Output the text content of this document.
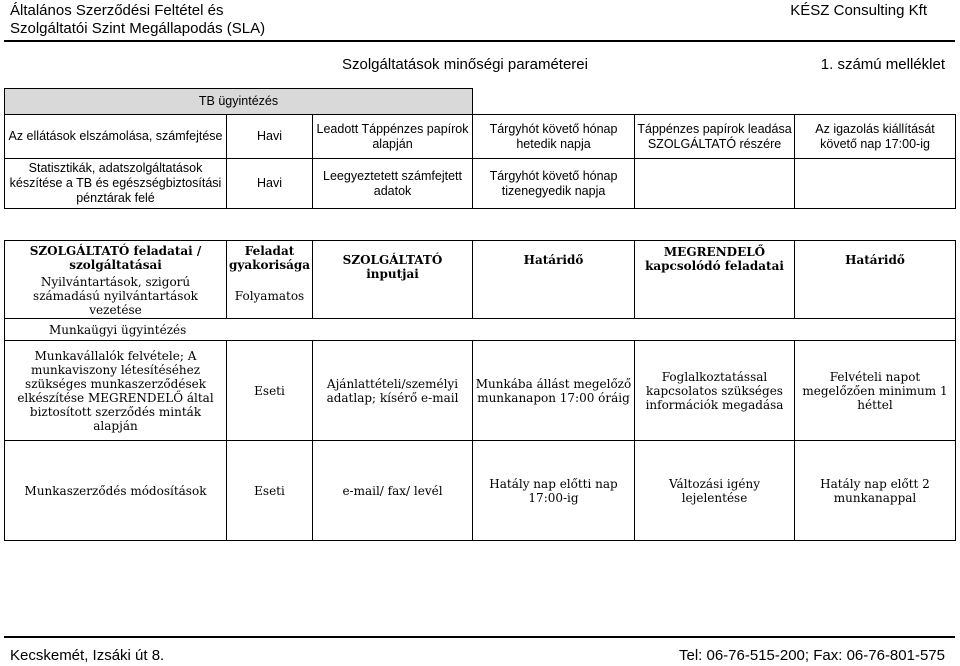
Általános Szerződési Feltétel és
Szolgáltatói Szint Megállapodás (SLA)
KÉSZ Consulting Kft
Szolgáltatások minőségi paraméterei	1. számú melléklet
TB ügyintézés					
Az ellátások elszámolása, számfejtése	Havi	Leadott Táppénzes papírok alapján	Tárgyhót követő hónap hetedik napja	Táppénzes papírok leadása SZOLGÁLTATÓ részére	Az igazolás kiállítását követő nap 17:00-ig
Statisztikák, adatszolgáltatások készítése a TB és egészségbiztosítási pénztárak felé	Havi	Leegyeztetett számfejtett adatok	Tárgyhót követő hónap tizenegyedik napja		
SZOLGÁLTATÓ feladatai / szolgáltatásai	Feladat gyakorisága	SZOLGÁLTATÓ inputjai	Határidő	MEGRENDELŐ kapcsolódó feladatai	Határidő
Nyilvántartások, szigorú számadású nyilvántartások vezetése	Folyamatos				
Munkaügyi ügyintézés					
Munkavállalók felvétele; A munkaviszony létesítéséhez szükséges munkaszerződések elkészítése MEGRENDELŐ által biztosított szerződés minták alapján	Eseti	Ajánlattételi/személyi adatlap; kísérő e-mail	Munkába állást megelőző munkanapon 17:00 óráig	Foglalkoztatással kapcsolatos szükséges információk megadása	Felvételi napot megelőzően minimum 1 héttel
Munkaszerződés módosítások	Eseti	e-mail/ fax/ levél	Hatály nap előtti nap 17:00-ig	Változási igény lejelentése	Hatály nap előtt 2 munkanappal
Kecskemét, Izsáki út 8.	Tel: 06-76-515-200; Fax: 06-76-801-575
